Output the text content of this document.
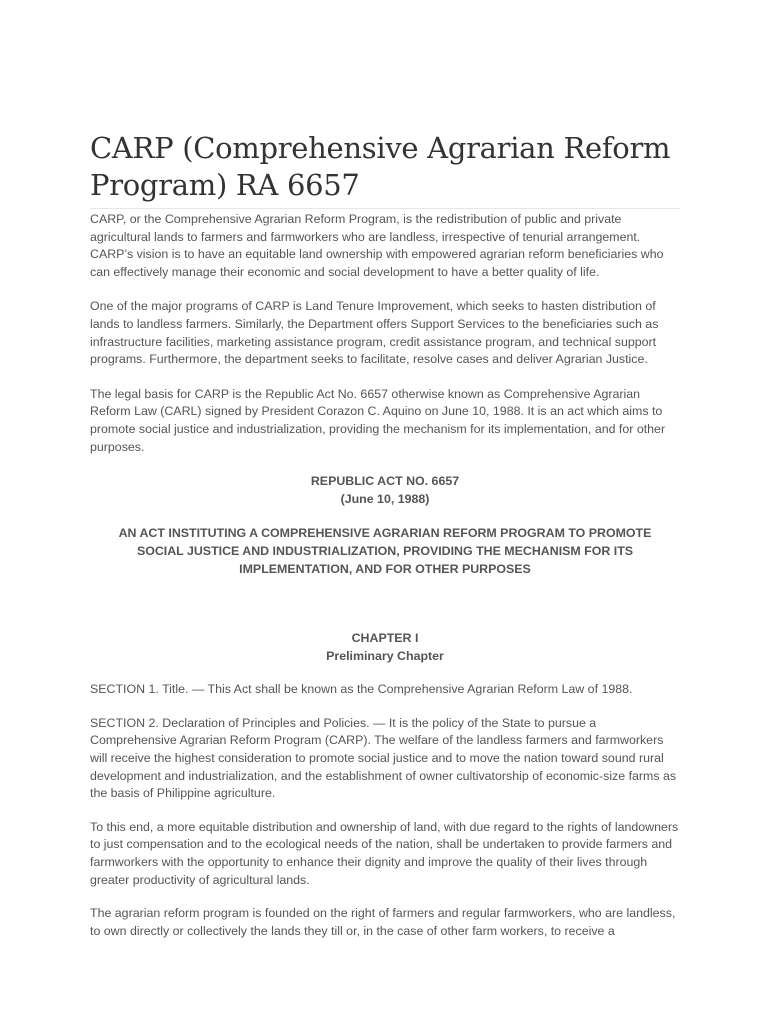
CARP (Comprehensive Agrarian Reform Program) RA 6657

CARP, or the Comprehensive Agrarian Reform Program, is the redistribution of public and private agricultural lands to farmers and farmworkers who are landless, irrespective of tenurial arrangement. CARP’s vision is to have an equitable land ownership with empowered agrarian reform beneficiaries who can effectively manage their economic and social development to have a better quality of life.

One of the major programs of CARP is Land Tenure Improvement, which seeks to hasten distribution of lands to landless farmers. Similarly, the Department offers Support Services to the beneficiaries such as infrastructure facilities, marketing assistance program, credit assistance program, and technical support programs. Furthermore, the department seeks to facilitate, resolve cases and deliver Agrarian Justice.

The legal basis for CARP is the Republic Act No. 6657 otherwise known as Comprehensive Agrarian Reform Law (CARL) signed by President Corazon C. Aquino on June 10, 1988. It is an act which aims to promote social justice and industrialization, providing the mechanism for its implementation, and for other purposes.

REPUBLIC ACT NO. 6657
(June 10, 1988)

AN ACT INSTITUTING A COMPREHENSIVE AGRARIAN REFORM PROGRAM TO PROMOTE SOCIAL JUSTICE AND INDUSTRIALIZATION, PROVIDING THE MECHANISM FOR ITS IMPLEMENTATION, AND FOR OTHER PURPOSES

CHAPTER I
Preliminary Chapter

SECTION 1. Title. — This Act shall be known as the Comprehensive Agrarian Reform Law of 1988.

SECTION 2. Declaration of Principles and Policies. — It is the policy of the State to pursue a Comprehensive Agrarian Reform Program (CARP). The welfare of the landless farmers and farmworkers will receive the highest consideration to promote social justice and to move the nation toward sound rural development and industrialization, and the establishment of owner cultivatorship of economic-size farms as the basis of Philippine agriculture.

To this end, a more equitable distribution and ownership of land, with due regard to the rights of landowners to just compensation and to the ecological needs of the nation, shall be undertaken to provide farmers and farmworkers with the opportunity to enhance their dignity and improve the quality of their lives through greater productivity of agricultural lands.

The agrarian reform program is founded on the right of farmers and regular farmworkers, who are landless, to own directly or collectively the lands they till or, in the case of other farm workers, to receive a
